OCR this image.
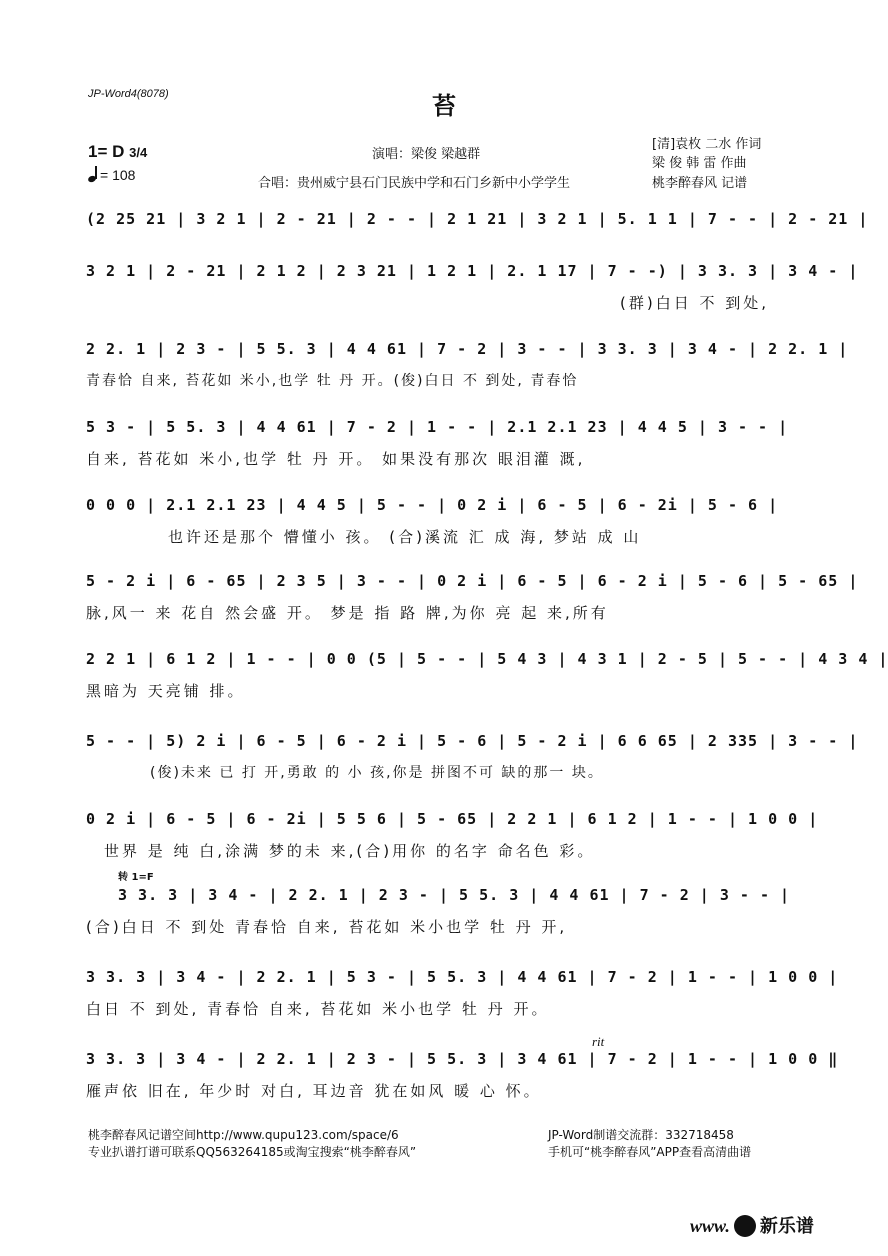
JP-Word4(8078)	苔
1= D 3/4
= 108
演唱：梁俊 梁越群
合唱：贵州威宁县石门民族中学和石门乡新中小学学生
[清]袁枚 二水 作词
梁 俊 韩 雷 作曲
桃李醉春风 记谱
(2 25 21 | 3 2 1 | 2 - 21 | 2 - - | 2 1 21 | 3 2 1 | 5. 1 1 | 7 - - | 2 - 21 |
3 2 1 | 2 - 21 | 2 1 2 | 2 3 21 | 1 2 1 | 2. 1 17 | 7 - -) | 3 3. 3 | 3 4 - |
(群)白日 不 到处,
2 2. 1 | 2 3 - | 5 5. 3 | 4 4 61 | 7 - 2 | 3 - - | 3 3. 3 | 3 4 - | 2 2. 1 |
青春恰 自来, 苔花如 米小,也学 牡 丹 开。(俊)白日 不 到处, 青春恰
5 3 - | 5 5. 3 | 4 4 61 | 7 - 2 | 1 - - | 2.1 2.1 23 | 4 4 5 | 3 - - |
自来, 苔花如 米小,也学 牡 丹 开。 如果没有那次 眼泪灌 溉,
0 0 0 | 2.1 2.1 23 | 4 4 5 | 5 - - | 0 2 i | 6 - 5 | 6 - 2i | 5 - 6 |
也许还是那个 懵懂小 孩。 (合)溪流 汇 成 海, 梦站 成 山
5 - 2 i | 6 - 65 | 2 3 5 | 3 - - | 0 2 i | 6 - 5 | 6 - 2 i | 5 - 6 | 5 - 65 |
脉,风一 来 花自 然会盛 开。 梦是 指 路 牌,为你 亮 起 来,所有
2 2 1 | 6 1 2 | 1 - - | 0 0 (5 | 5 - - | 5 4 3 | 4 3 1 | 2 - 5 | 5 - - | 4 3 4 |
黑暗为 天亮铺 排。
5 - - | 5) 2 i | 6 - 5 | 6 - 2 i | 5 - 6 | 5 - 2 i | 6 6 65 | 2 335 | 3 - - |
(俊)未来 已 打 开,勇敢 的 小 孩,你是 拼图不可 缺的那一 块。
0 2 i | 6 - 5 | 6 - 2i | 5 5 6 | 5 - 65 | 2 2 1 | 6 1 2 | 1 - - | 1 0 0 |
世界 是 纯 白,涂满 梦的未 来,(合)用你 的名字 命名色 彩。
转 1=F
3 3. 3 | 3 4 - | 2 2. 1 | 2 3 - | 5 5. 3 | 4 4 61 | 7 - 2 | 3 - - |
(合)白日 不 到处 青春恰 自来, 苔花如 米小也学 牡 丹 开,
3 3. 3 | 3 4 - | 2 2. 1 | 5 3 - | 5 5. 3 | 4 4 61 | 7 - 2 | 1 - - | 1 0 0 |
白日 不 到处, 青春恰 自来, 苔花如 米小也学 牡 丹 开。
rit
3 3. 3 | 3 4 - | 2 2. 1 | 2 3 - | 5 5. 3 | 3 4 61 | 7 - 2 | 1 - - | 1 0 0 ‖
雁声依 旧在, 年少时 对白, 耳边音 犹在如风 暖 心 怀。
桃李醉春风记谱空间http://www.qupu123.com/space/6
专业扒谱打谱可联系QQ563264185或淘宝搜索“桃李醉春风”
JP-Word制谱交流群：332718458
手机可“桃李醉春风”APP查看高清曲谱
www. 新乐谱
